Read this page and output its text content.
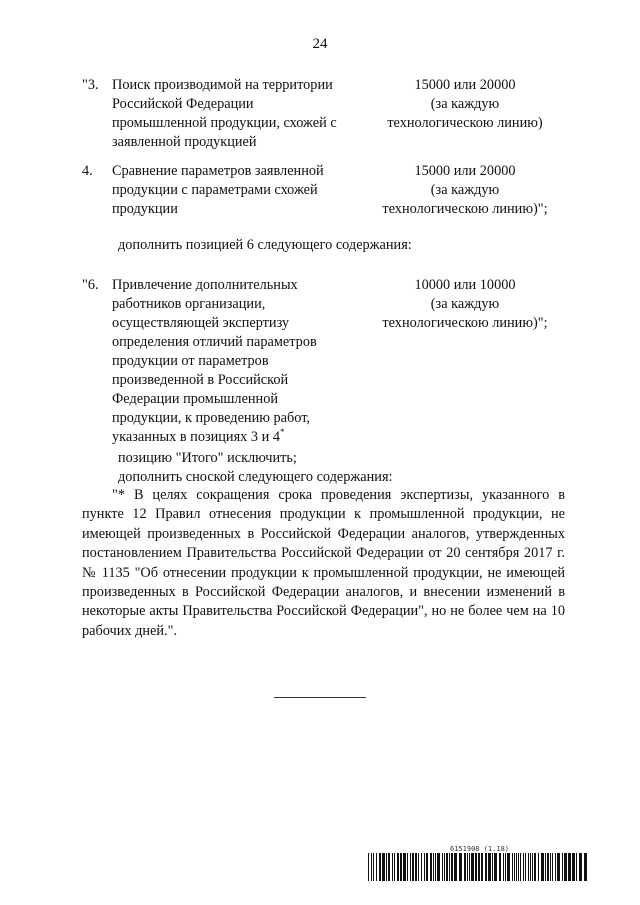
24
"3. Поиск производимой на территории
Российской Федерации
промышленной продукции, схожей с
заявленной продукцией
15000 или 20000
(за каждую
технологическою линию)
4. Сравнение параметров заявленной
продукции с параметрами схожей
продукции
15000 или 20000
(за каждую
технологическою линию)";
дополнить позицией 6 следующего содержания:
"6. Привлечение дополнительных
работников организации,
осуществляющей экспертизу
определения отличий параметров
продукции от параметров
произведенной в Российской
Федерации промышленной
продукции, к проведению работ,
указанных в позициях 3 и 4*
10000 или 10000
(за каждую
технологическою линию)";
позицию "Итого" исключить;
дополнить сноской следующего содержания:

"* В целях сокращения срока проведения экспертизы, указанного в пункте 12 Правил отнесения продукции к промышленной продукции, не имеющей произведенных в Российской Федерации аналогов, утвержденных постановлением Правительства Российской Федерации от 20 сентября 2017 г. № 1135 "Об отнесении продукции к промышленной продукции, не имеющей произведенных в Российской Федерации аналогов, и внесении изменений в некоторые акты Правительства Российской Федерации", но не более чем на 10 рабочих дней.".

6151908 (1.18)
